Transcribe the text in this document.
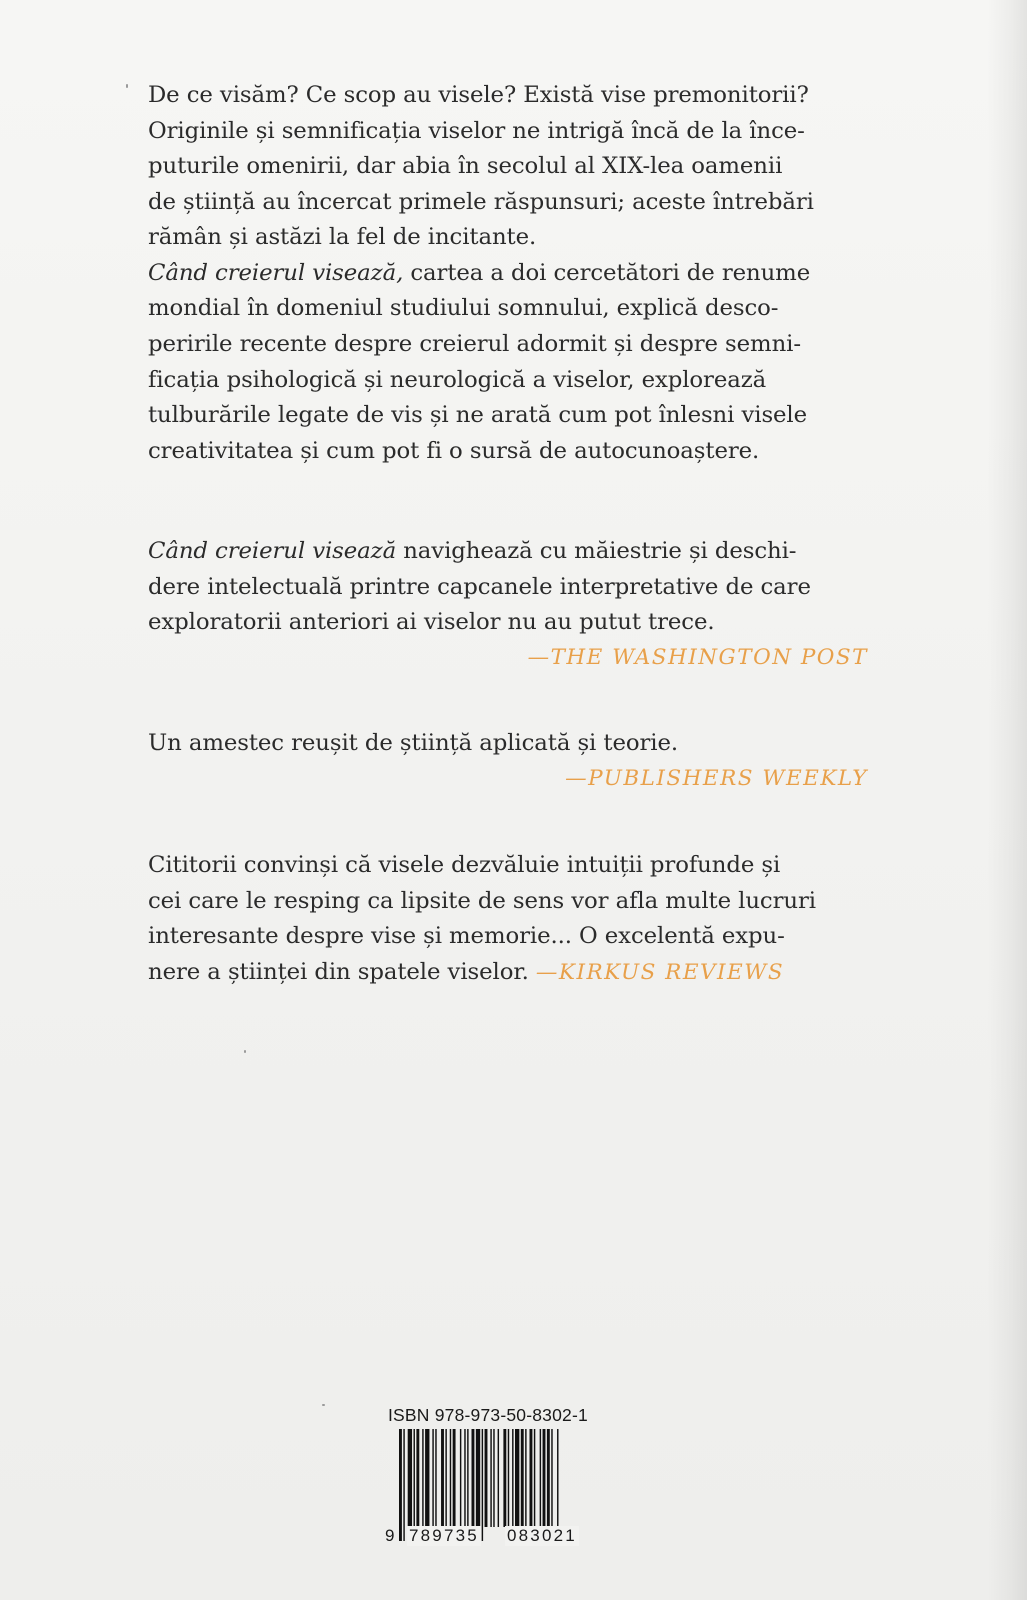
De ce visăm? Ce scop au visele? Există vise premonitorii?

Originile și semnificația viselor ne intrigă încă de la înce-

puturile omenirii, dar abia în secolul al XIX-lea oamenii

de știință au încercat primele răspunsuri; aceste întrebări

rămân și astăzi la fel de incitante.

Când creierul visează, cartea a doi cercetători de renume

mondial în domeniul studiului somnului, explică desco-

peririle recente despre creierul adormit și despre semni-

ficația psihologică și neurologică a viselor, explorează

tulburările legate de vis și ne arată cum pot înlesni visele

creativitatea și cum pot fi o sursă de autocunoaștere.

Când creierul visează navighează cu măiestrie și deschi-

dere intelectuală printre capcanele interpretative de care

exploratorii anteriori ai viselor nu au putut trece.

—THE WASHINGTON POST

Un amestec reușit de știință aplicată și teorie.

—PUBLISHERS WEEKLY

Cititorii convinși că visele dezvăluie intuiții profunde și

cei care le resping ca lipsite de sens vor afla multe lucruri

interesante despre vise și memorie... O excelentă expu-

nere a științei din spatele viselor. —KIRKUS REVIEWS

ISBN 978-973-50-8302-1
9 789735 083021
